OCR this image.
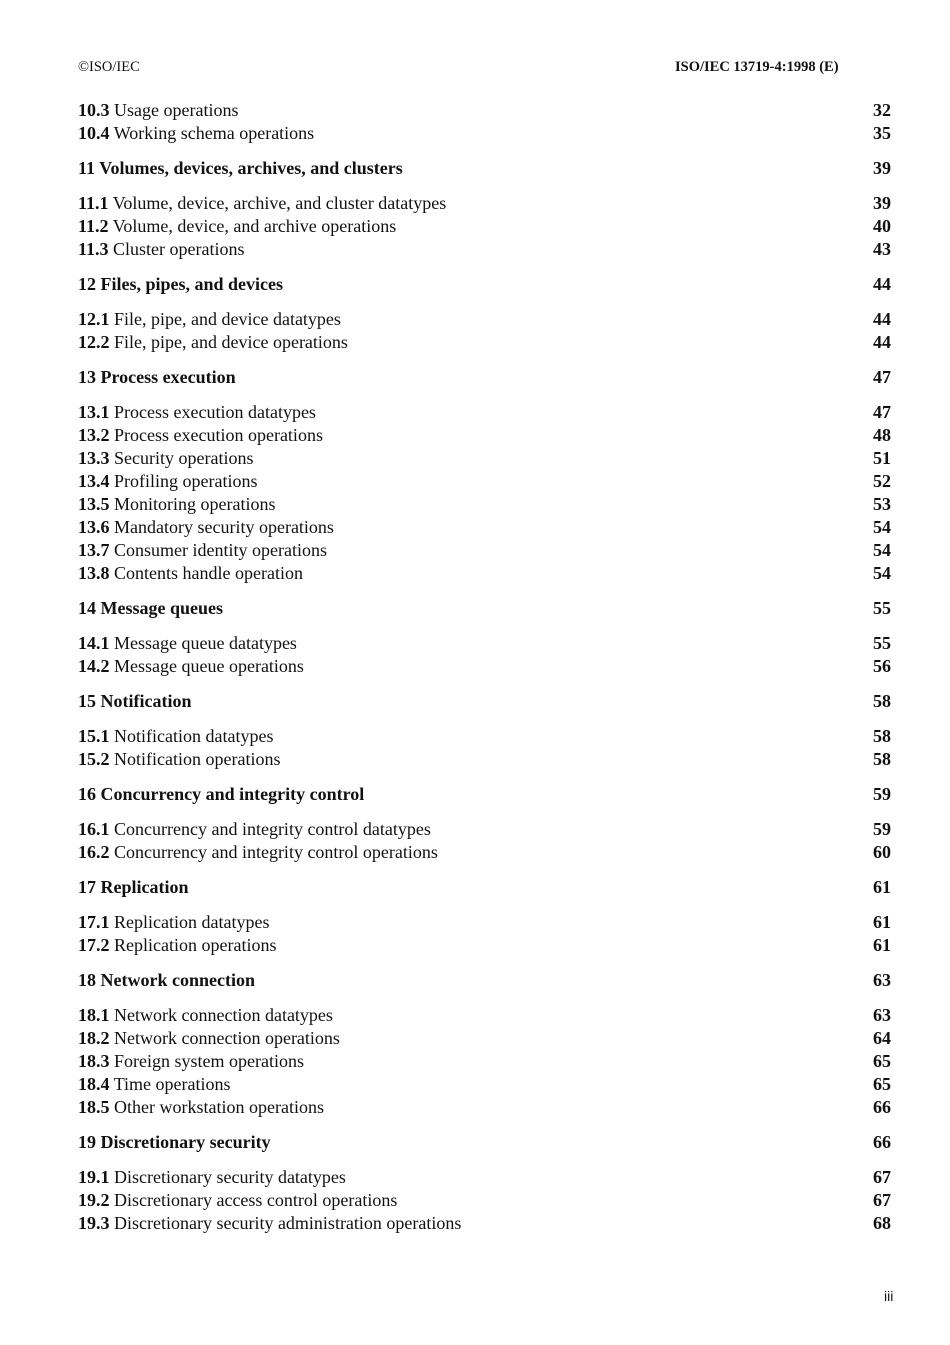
©ISO/IEC	ISO/IEC 13719-4:1998 (E)
10.3 Usage operations	32
10.4 Working schema operations	35
11 Volumes, devices, archives, and clusters	39
11.1 Volume, device, archive, and cluster datatypes	39
11.2 Volume, device, and archive operations	40
11.3 Cluster operations	43
12 Files, pipes, and devices	44
12.1 File, pipe, and device datatypes	44
12.2 File, pipe, and device operations	44
13 Process execution	47
13.1 Process execution datatypes	47
13.2 Process execution operations	48
13.3 Security operations	51
13.4 Profiling operations	52
13.5 Monitoring operations	53
13.6 Mandatory security operations	54
13.7 Consumer identity operations	54
13.8 Contents handle operation	54
14 Message queues	55
14.1 Message queue datatypes	55
14.2 Message queue operations	56
15 Notification	58
15.1 Notification datatypes	58
15.2 Notification operations	58
16 Concurrency and integrity control	59
16.1 Concurrency and integrity control datatypes	59
16.2 Concurrency and integrity control operations	60
17 Replication	61
17.1 Replication datatypes	61
17.2 Replication operations	61
18 Network connection	63
18.1 Network connection datatypes	63
18.2 Network connection operations	64
18.3 Foreign system operations	65
18.4 Time operations	65
18.5 Other workstation operations	66
19 Discretionary security	66
19.1 Discretionary security datatypes	67
19.2 Discretionary access control operations	67
19.3 Discretionary security administration operations	68
iii
